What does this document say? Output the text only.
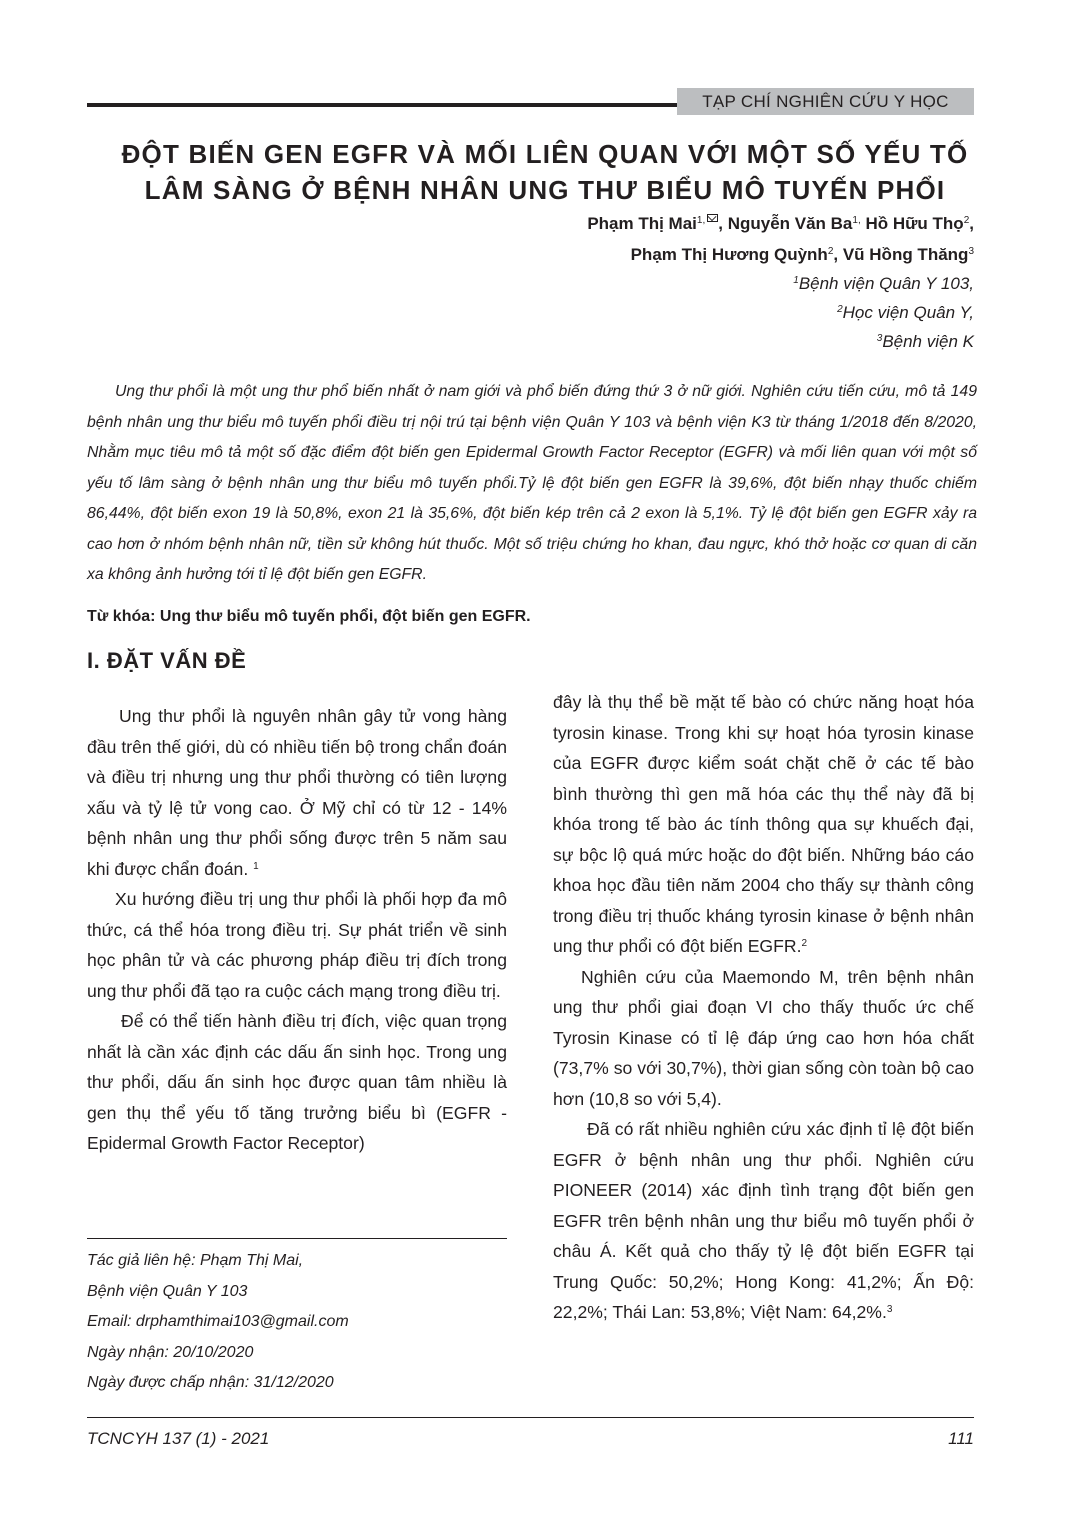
TẠP CHÍ NGHIÊN CỨU Y HỌC
ĐỘT BIẾN GEN EGFR VÀ MỐI LIÊN QUAN VỚI MỘT SỐ YẾU TỐ
LÂM SÀNG Ở BỆNH NHÂN UNG THƯ BIỂU MÔ TUYẾN PHỔI
Phạm Thị Mai$^{1,}$ , Nguyễn Văn $Ba^{1,}$ Hồ Hữu Thọ$^2$,
Phạm Thị Hương Quỳnh$^2$, Vũ Hồng Thăng$^3$
$^1$Bệnh viện Quân Y 103,
$^2$Học viện Quân Y,
$^3$Bệnh viện K
Ung thư phổi là một ung thư phổ biến nhất ở nam giới và phổ biến đứng thứ 3 ở nữ giới. Nghiên cứu tiến cứu, mô tả 149 bệnh nhân ung thư biểu mô tuyến phổi điều trị nội trú tại bệnh viện Quân Y 103 và bệnh viện K3 từ tháng 1/2018 đến 8/2020, Nhằm mục tiêu mô tả một số đặc điểm đột biến gen Epidermal Growth Factor Receptor (EGFR) và mối liên quan với một số yếu tố lâm sàng ở bệnh nhân ung thư biểu mô tuyến phổi.Tỷ lệ đột biến gen EGFR là 39,6%, đột biến nhạy thuốc chiếm 86,44%, đột biến exon 19 là 50,8%, exon 21 là 35,6%, đột biến kép trên cả 2 exon là 5,1%. Tỷ lệ đột biến gen EGFR xảy ra cao hơn ở nhóm bệnh nhân nữ, tiền sử không hút thuốc. Một số triệu chứng ho khan, đau ngực, khó thở hoặc cơ quan di căn xa không ảnh hưởng tới tỉ lệ đột biến gen EGFR.
Từ khóa: Ung thư biểu mô tuyến phổi, đột biến gen EGFR.
I. ĐẶT VẤN ĐỀ

Ung thư phổi là nguyên nhân gây tử vong hàng đầu trên thế giới, dù có nhiều tiến bộ trong chẩn đoán và điều trị nhưng ung thư phổi thường có tiên lượng xấu và tỷ lệ tử vong cao. Ở Mỹ chỉ có từ 12 - 14% bệnh nhân ung thư phổi sống được trên 5 năm sau khi được chẩn đoán. $^1$

Xu hướng điều trị ung thư phổi là phối hợp đa mô thức, cá thể hóa trong điều trị. Sự phát triển về sinh học phân tử và các phương pháp điều trị đích trong ung thư phổi đã tạo ra cuộc cách mạng trong điều trị.

Để có thể tiến hành điều trị đích, việc quan trọng nhất là cần xác định các dấu ấn sinh học. Trong ung thư phổi, dấu ấn sinh học được quan tâm nhiều là gen thụ thể yếu tố tăng trưởng biểu bì (EGFR - Epidermal Growth Factor Receptor)

đây là thụ thể bề mặt tế bào có chức năng hoạt hóa tyrosin kinase. Trong khi sự hoạt hóa tyrosin kinase của EGFR được kiểm soát chặt chẽ ở các tế bào bình thường thì gen mã hóa các thụ thể này đã bị khóa trong tế bào ác tính thông qua sự khuếch đại, sự bộc lộ quá mức hoặc do đột biến. Những báo cáo khoa học đầu tiên năm 2004 cho thấy sự thành công trong điều trị thuốc kháng tyrosin kinase ở bệnh nhân ung thư phổi có đột biến EGFR.$^2$

Nghiên cứu của Maemondo M, trên bệnh nhân ung thư phổi giai đoạn VI cho thấy thuốc ức chế Tyrosin Kinase có tỉ lệ đáp ứng cao hơn hóa chất (73,7% so với 30,7%), thời gian sống còn toàn bộ cao hơn (10,8 so với 5,4).

Đã có rất nhiều nghiên cứu xác định tỉ lệ đột biến EGFR ở bệnh nhân ung thư phổi. Nghiên cứu PIONEER (2014) xác định tình trạng đột biến gen EGFR trên bệnh nhân ung thư biểu mô tuyến phổi ở châu Á. Kết quả cho thấy tỷ lệ đột biến EGFR tại Trung Quốc: 50,2%; Hong Kong: 41,2%; Ấn Độ: 22,2%; Thái Lan: 53,8%; Việt Nam: 64,2%.$^3$

Tác giả liên hệ: Phạm Thị Mai,
Bệnh viện Quân Y 103
Email: drphamthimai103@gmail.com
Ngày nhận: 20/10/2020
Ngày được chấp nhận: 31/12/2020
TCNCYH 137 (1) - 2021	111
